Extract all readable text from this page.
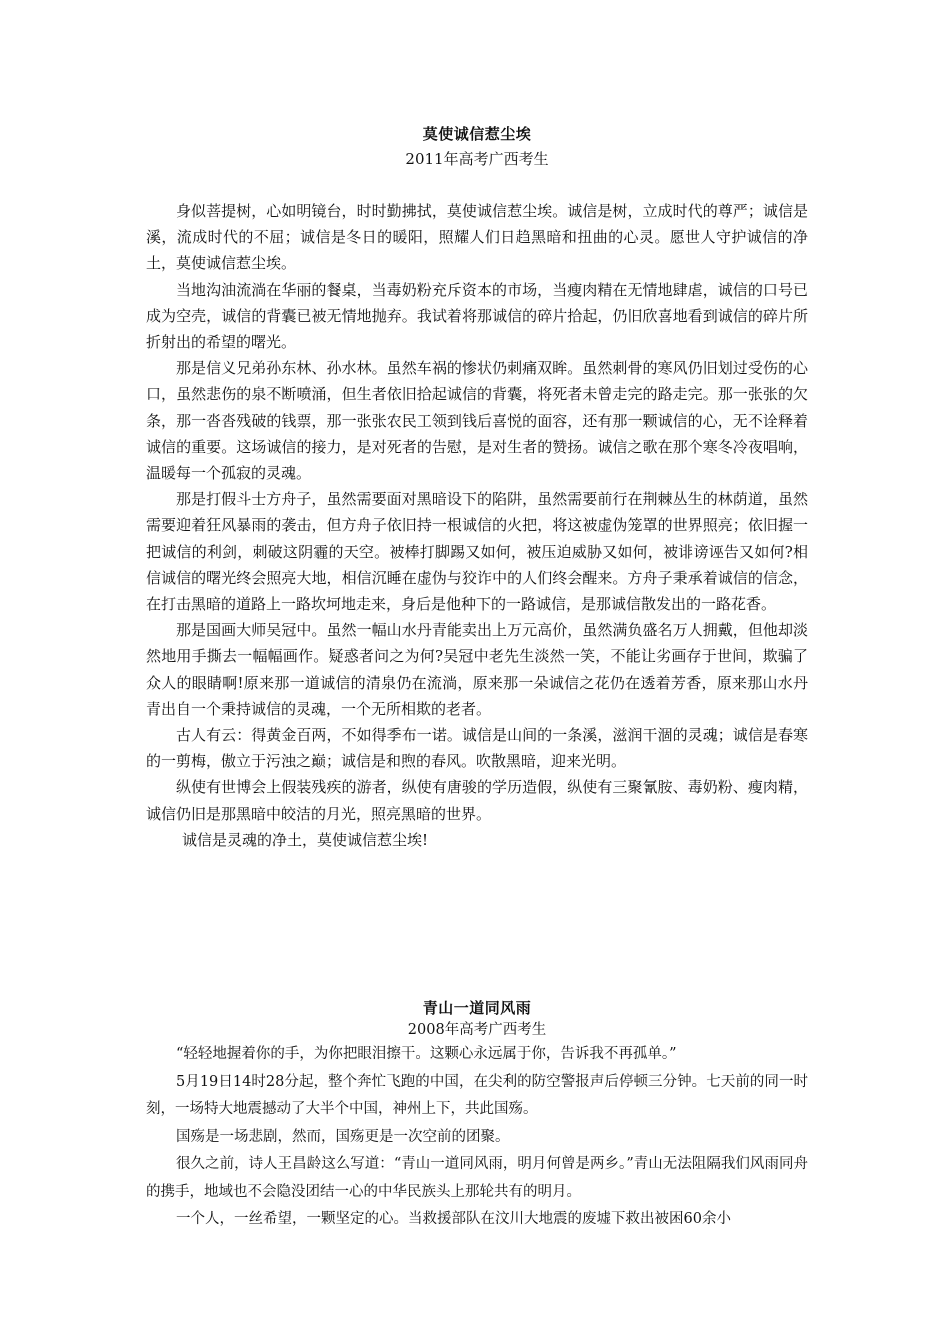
莫使诚信惹尘埃

2011年高考广西考生

身似菩提树，心如明镜台，时时勤拂拭，莫使诚信惹尘埃。诚信是树，立成时代的尊严；诚信是溪，流成时代的不屈；诚信是冬日的暖阳，照耀人们日趋黑暗和扭曲的心灵。愿世人守护诚信的净土，莫使诚信惹尘埃。

当地沟油流淌在华丽的餐桌，当毒奶粉充斥资本的市场，当瘦肉精在无情地肆虐，诚信的口号已成为空壳，诚信的背囊已被无情地抛弃。我试着将那诚信的碎片拾起，仍旧欣喜地看到诚信的碎片所折射出的希望的曙光。

那是信义兄弟孙东林、孙水林。虽然车祸的惨状仍刺痛双眸。虽然刺骨的寒风仍旧划过受伤的心口，虽然悲伤的泉不断喷涌，但生者依旧拾起诚信的背囊，将死者未曾走完的路走完。那一张张的欠条，那一沓沓残破的钱票，那一张张农民工领到钱后喜悦的面容，还有那一颗诚信的心，无不诠释着诚信的重要。这场诚信的接力，是对死者的告慰，是对生者的赞扬。诚信之歌在那个寒冬冷夜唱响，温暖每一个孤寂的灵魂。

那是打假斗士方舟子，虽然需要面对黑暗设下的陷阱，虽然需要前行在荆棘丛生的林荫道，虽然需要迎着狂风暴雨的袭击，但方舟子依旧持一根诚信的火把，将这被虚伪笼罩的世界照亮；依旧握一把诚信的利剑，刺破这阴霾的天空。被棒打脚踢又如何，被压迫威胁又如何，被诽谤诬告又如何?相信诚信的曙光终会照亮大地，相信沉睡在虚伪与狡诈中的人们终会醒来。方舟子秉承着诚信的信念，在打击黑暗的道路上一路坎坷地走来，身后是他种下的一路诚信，是那诚信散发出的一路花香。

那是国画大师吴冠中。虽然一幅山水丹青能卖出上万元高价，虽然满负盛名万人拥戴，但他却淡然地用手撕去一幅幅画作。疑惑者问之为何?吴冠中老先生淡然一笑，不能让劣画存于世间，欺骗了众人的眼睛啊!原来那一道诚信的清泉仍在流淌，原来那一朵诚信之花仍在透着芳香，原来那山水丹青出自一个秉持诚信的灵魂，一个无所相欺的老者。

古人有云：得黄金百两，不如得季布一诺。诚信是山间的一条溪，滋润干涸的灵魂；诚信是春寒的一剪梅，傲立于污浊之巅；诚信是和煦的春风。吹散黑暗，迎来光明。

纵使有世博会上假装残疾的游者，纵使有唐骏的学历造假，纵使有三聚氰胺、毒奶粉、瘦肉精，诚信仍旧是那黑暗中皎洁的月光，照亮黑暗的世界。

诚信是灵魂的净土，莫使诚信惹尘埃!

青山一道同风雨

2008年高考广西考生

“轻轻地握着你的手，为你把眼泪擦干。这颗心永远属于你，告诉我不再孤单。”

5月19日14时28分起，整个奔忙飞跑的中国，在尖利的防空警报声后停顿三分钟。七天前的同一时刻，一场特大地震撼动了大半个中国，神州上下，共此国殇。

国殇是一场悲剧，然而，国殇更是一次空前的团聚。

很久之前，诗人王昌龄这么写道：“青山一道同风雨，明月何曾是两乡。”青山无法阻隔我们风雨同舟的携手，地域也不会隐没团结一心的中华民族头上那轮共有的明月。

一个人，一丝希望，一颗坚定的心。当救援部队在汶川大地震的废墟下救出被困60余小
